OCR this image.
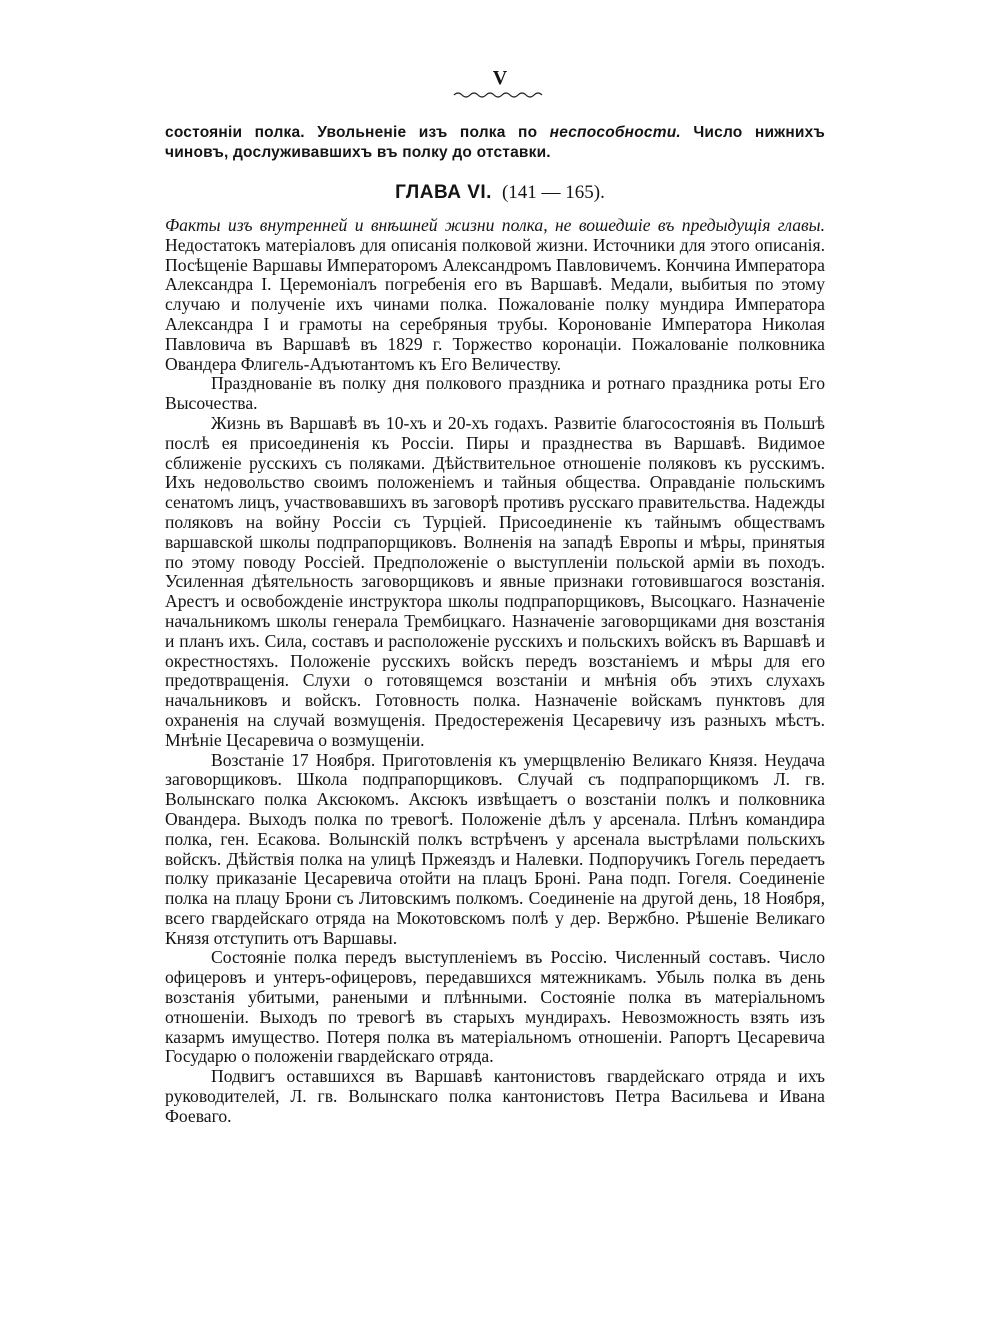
V
состоянiи полка. Увольненiе изъ полка по неспособности. Число нижнихъ чиновъ, дослуживавшихъ въ полку до отставки.
ГЛАВА VI. (141 — 165).

Факты изъ внутренней и внѣшней жизни полка, не вошедшiе въ предыдущiя главы. Недостатокъ матерiаловъ для описанiя полковой жизни. Источники для этого описанiя. Посѣщенiе Варшавы Императоромъ Александромъ Павловичемъ. Кончина Императора Александра I. Церемонiалъ погребенiя его въ Варшавѣ. Медали, выбитыя по этому случаю и полученiе ихъ чинами полка. Пожалованiе полку мундира Императора Александра I и грамоты на серебряныя трубы. Коронованiе Императора Николая Павловича въ Варшавѣ въ 1829 г. Торжество коронацiи. Пожалованiе полковника Овандера Флигель-Адъютантомъ къ Его Величеству.

Празднованiе въ полку дня полкового праздника и ротнаго праздника роты Его Высочества.

Жизнь въ Варшавѣ въ 10-хъ и 20-хъ годахъ. Развитiе благосостоянiя въ Польшѣ послѣ ея присоединенiя къ Россiи. Пиры и празднества въ Варшавѣ. Видимое сближенiе русскихъ съ поляками. Дѣйствительное отношенiе поляковъ къ русскимъ. Ихъ недовольство своимъ положенiемъ и тайныя общества. Оправданiе польскимъ сенатомъ лицъ, участвовавшихъ въ заговорѣ противъ русскаго правительства. Надежды поляковъ на войну Россiи съ Турцiей. Присоединенiе къ тайнымъ обществамъ варшавской школы подпрапорщиковъ. Волненiя на западѣ Европы и мѣры, принятыя по этому поводу Россiей. Предположенiе о выступленiи польской армiи въ походъ. Усиленная дѣятельность заговорщиковъ и явные признаки готовившагося возстанiя. Арестъ и освобожденiе инструктора школы подпрапорщиковъ, Высоцкаго. Назначенiе начальникомъ школы генерала Трембицкаго. Назначенiе заговорщиками дня возстанiя и планъ ихъ. Сила, составъ и расположенiе русскихъ и польскихъ войскъ въ Варшавѣ и окрестностяхъ. Положенiе русскихъ войскъ передъ возстанiемъ и мѣры для его предотвращенiя. Слухи о готовящемся возстанiи и мнѣнiя объ этихъ слухахъ начальниковъ и войскъ. Готовность полка. Назначенiе войскамъ пунктовъ для охраненiя на случай возмущенiя. Предостереженiя Цесаревичу изъ разныхъ мѣстъ. Мнѣнiе Цесаревича о возмущенiи.

Возстанiе 17 Ноября. Приготовленiя къ умерщвленiю Великаго Князя. Неудача заговорщиковъ. Школа подпрапорщиковъ. Случай съ подпрапорщикомъ Л. гв. Волынскаго полка Аксюкомъ. Аксюкъ извѣщаетъ о возстанiи полкъ и полковника Овандера. Выходъ полка по тревогѣ. Положенiе дѣлъ у арсенала. Плѣнъ командира полка, ген. Есакова. Волынскiй полкъ встрѣченъ у арсенала выстрѣлами польскихъ войскъ. Дѣйствiя полка на улицѣ Пржеяздъ и Налевки. Подпоручикъ Гогель передаетъ полку приказанiе Цесаревича отойти на плацъ Бронi. Рана подп. Гогеля. Соединенiе полка на плацу Брони съ Литовскимъ полкомъ. Соединенiе на другой день, 18 Ноября, всего гвардейскаго отряда на Мокотовскомъ полѣ у дер. Вержбно. Рѣшенiе Великаго Князя отступить отъ Варшавы.

Состоянiе полка передъ выступленiемъ въ Россiю. Численный составъ. Число офицеровъ и унтеръ-офицеровъ, передавшихся мятежникамъ. Убыль полка въ день возстанiя убитыми, ранеными и плѣнными. Состоянiе полка въ матерiальномъ отношенiи. Выходъ по тревогѣ въ старыхъ мундирахъ. Невозможность взять изъ казармъ имущество. Потеря полка въ матерiальномъ отношенiи. Рапортъ Цесаревича Государю о положенiи гвардейскаго отряда.

Подвигъ оставшихся въ Варшавѣ кантонистовъ гвардейскаго отряда и ихъ руководителей, Л. гв. Волынскаго полка кантонистовъ Петра Васильева и Ивана Фоеваго.
